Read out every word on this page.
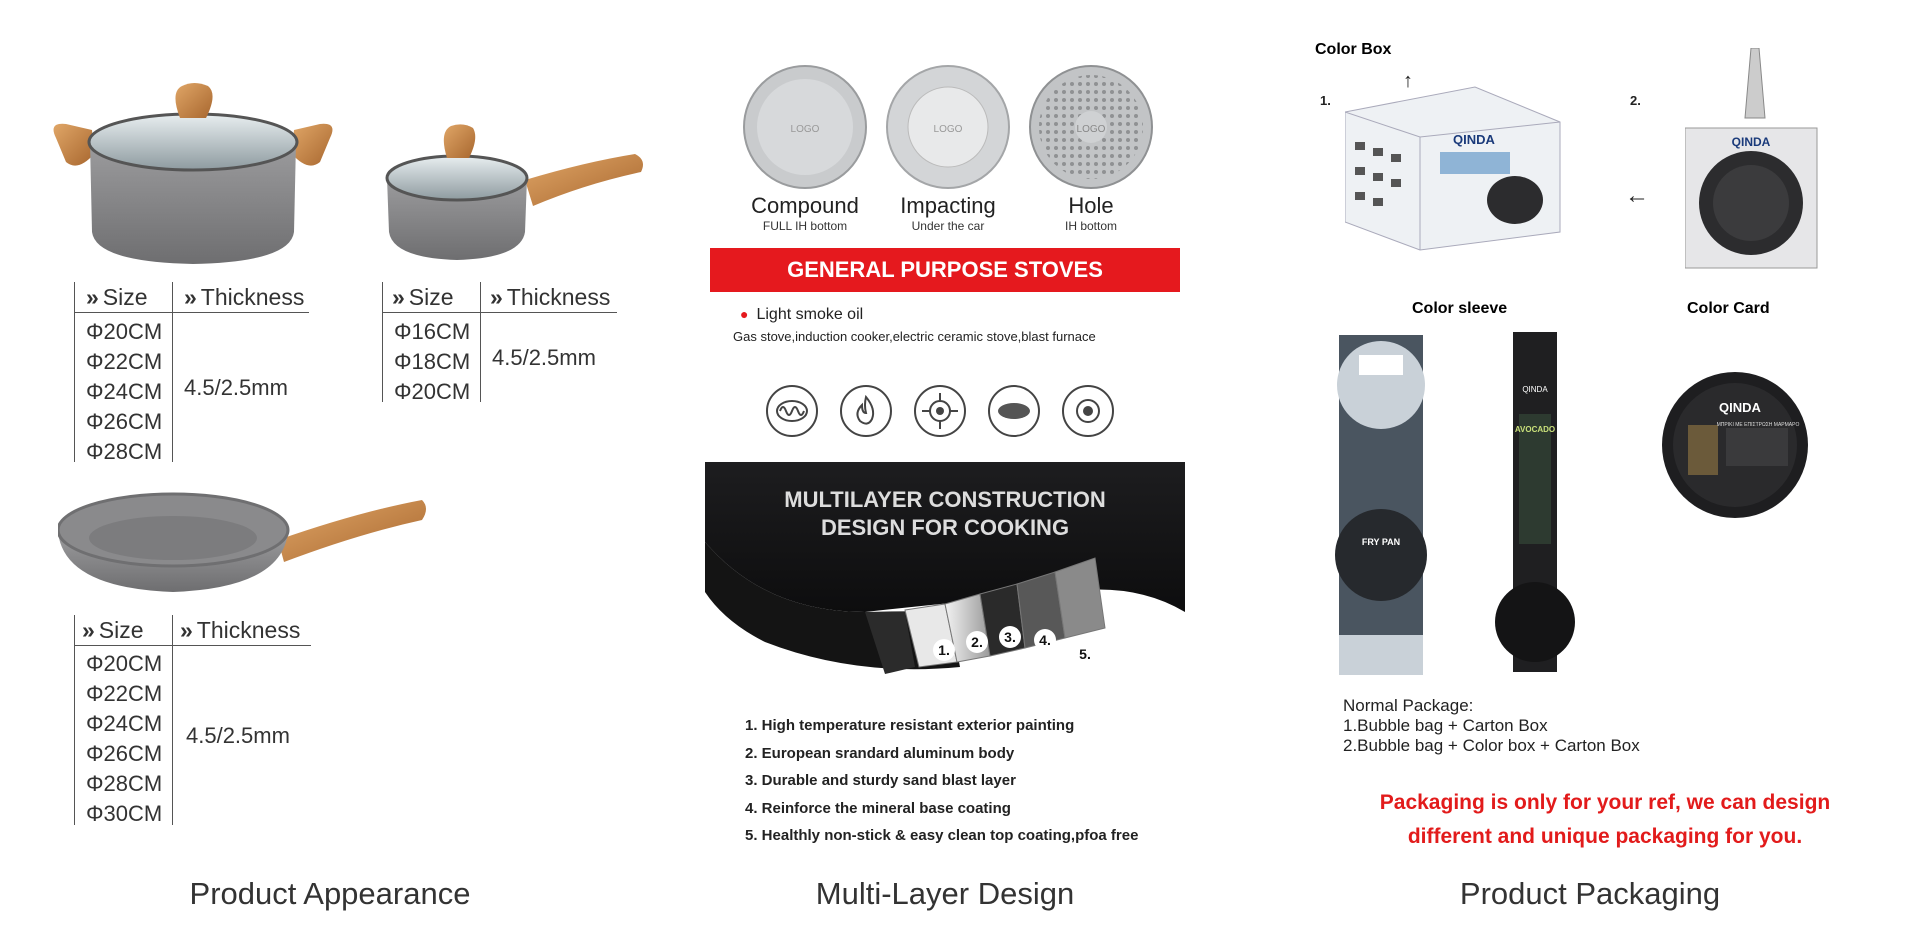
» Size » Thickness
Φ20CM
Φ22CM
Φ24CM
Φ26CM
Φ28CM
4.5/2.5mm
» Size » Thickness
Φ16CM
Φ18CM
Φ20CM
4.5/2.5mm
» Size » Thickness
Φ20CM
Φ22CM
Φ24CM
Φ26CM
Φ28CM
Φ30CM
4.5/2.5mm
Product Appearance
LOGO	LOGO	LOGO
Compound
FULL IH bottom
Impacting
Under the car
Hole
IH bottom
GENERAL PURPOSE STOVES
● Light smoke oil
Gas stove,induction cooker,electric ceramic stove,blast furnace
MULTILAYER CONSTRUCTION
DESIGN FOR COOKING
1. 2. 3. 4.
5.
1. High temperature resistant exterior painting
2. European srandard aluminum body
3. Durable and sturdy sand blast layer
4. Reinforce the mineral base coating
5. Healthly non-stick & easy clean top coating,pfoa free
Multi-Layer Design
Color Box
1.	2.
↑
←
QINDA	QINDA
Color sleeve	Color Card
FRY PAN
AVOCADO
QINDA
QINDA
ΜΠΡΙΚΙ ΜΕ ΕΠΙΣΤΡΩΣΗ ΜΑΡΜΑΡΟ
Normal Package:
1.Bubble bag + Carton Box
2.Bubble bag + Color box + Carton Box
Packaging is only for your ref, we can design
different and unique packaging for you.
Product Packaging
